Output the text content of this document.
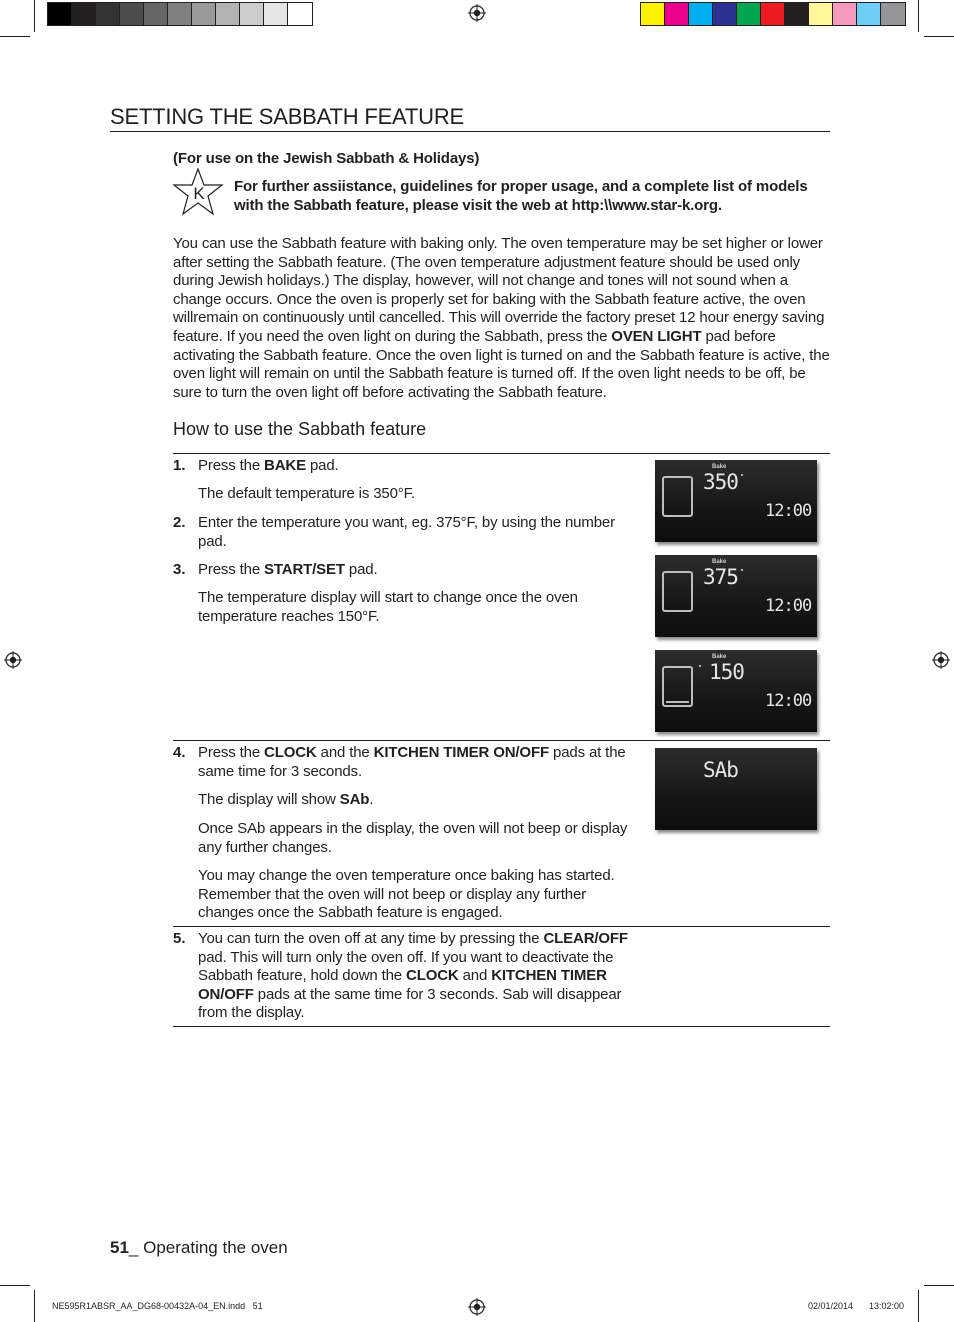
SETTING THE SABBATH FEATURE
(For use on the Jewish Sabbath & Holidays)
K For further assiistance, guidelines for proper usage, and a complete list of models with the Sabbath feature, please visit the web at http:\\www.star-k.org.
You can use the Sabbath feature with baking only. The oven temperature may be set higher or lower after setting the Sabbath feature. (The oven temperature adjustment feature should be used only during Jewish holidays.) The display, however, will not change and tones will not sound when a change occurs. Once the oven is properly set for baking with the Sabbath feature active, the oven willremain on continuously until cancelled. This will override the factory preset 12 hour energy saving feature. If you need the oven light on during the Sabbath, press the OVEN LIGHT pad before activating the Sabbath feature. Once the oven light is turned on and the Sabbath feature is active, the oven light will remain on until the Sabbath feature is turned off. If the oven light needs to be off, be sure to turn the oven light off before activating the Sabbath feature.
How to use the Sabbath feature
1. Press the BAKE pad.
The default temperature is 350°F.
2. Enter the temperature you want, eg. 375°F, by using the number pad.
3. Press the START/SET pad.
The temperature display will start to change once the oven temperature reaches 150°F.
4. Press the CLOCK and the KITCHEN TIMER ON/OFF pads at the same time for 3 seconds.
The display will show SAb.
Once SAb appears in the display, the oven will not beep or display any further changes.
You may change the oven temperature once baking has started. Remember that the oven will not beep or display any further changes once the Sabbath feature is engaged.
5. You can turn the oven off at any time by pressing the CLEAR/OFF pad. This will turn only the oven off. If you want to deactivate the Sabbath feature, hold down the CLOCK and KITCHEN TIMER ON/OFF pads at the same time for 3 seconds. Sab will disappear from the display.
Bake
350
12:00
Bake
375
12:00
Bake
150
12:00
SAb
51_ Operating the oven
NE595R1ABSR_AA_DG68-00432A-04_EN.indd   51	02/01/2014 13:02:00
